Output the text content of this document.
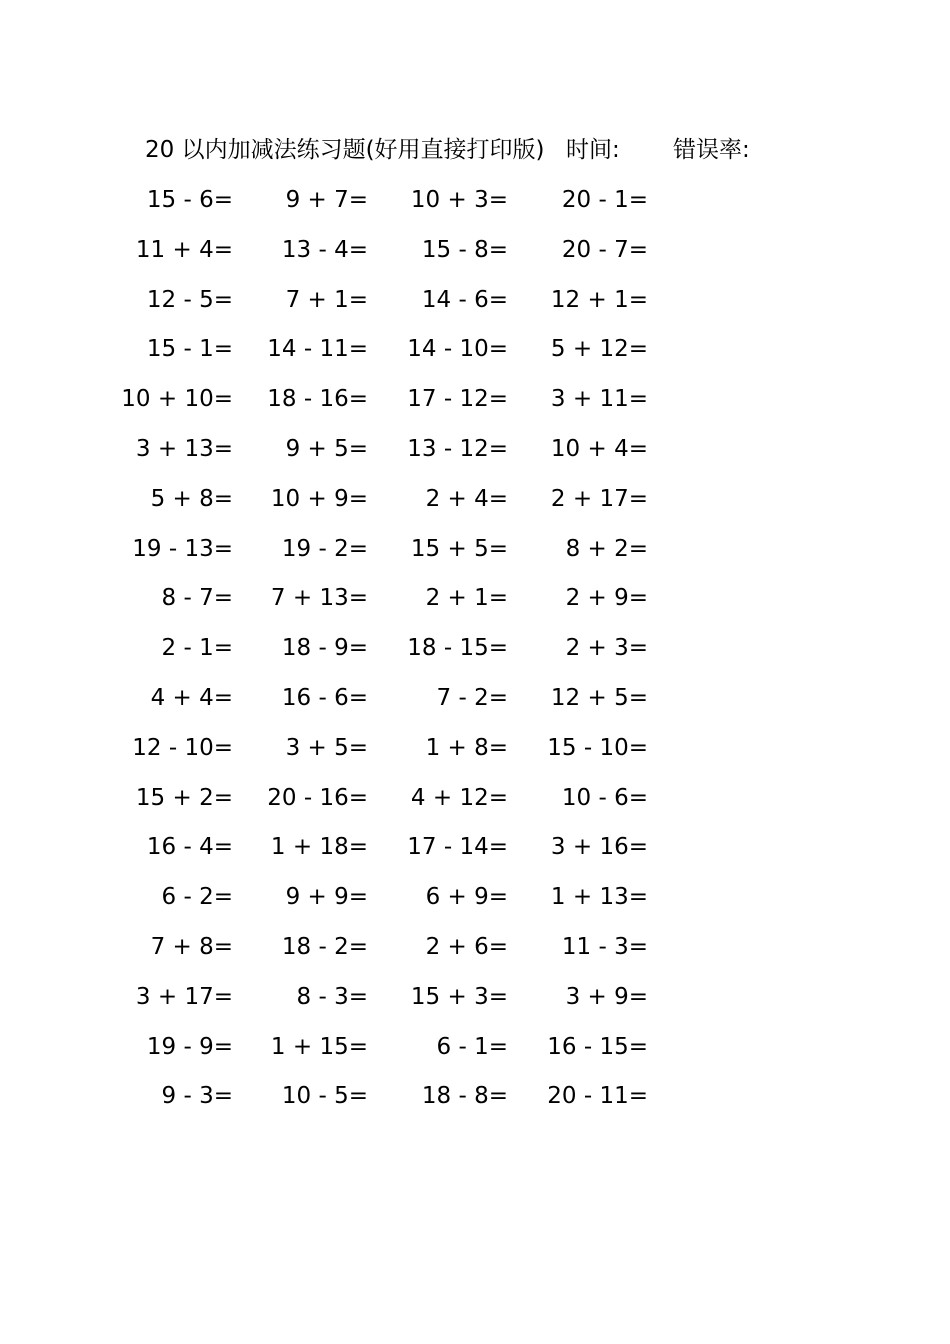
20 以内加减法练习题(好用直接打印版) 时间: 错误率:
15 - 6= 9 + 7= 10 + 3= 20 - 1=
11 + 4= 13 - 4= 15 - 8= 20 - 7=
12 - 5= 7 + 1= 14 - 6= 12 + 1=
15 - 1= 14 - 11= 14 - 10= 5 + 12=
10 + 10= 18 - 16= 17 - 12= 3 + 11=
3 + 13= 9 + 5= 13 - 12= 10 + 4=
5 + 8= 10 + 9=	2 + 4= 2 + 17=
19 - 13= 19 - 2= 15 + 5=	8 + 2=
8 - 7= 7 + 13=	2 + 1=	2 + 9=
2 - 1= 18 - 9= 18 - 15=	2 + 3=
4 + 4= 16 - 6=	7 - 2= 12 + 5=
12 - 10= 3 + 5=	1 + 8= 15 - 10=
15 + 2= 20 - 16= 4 + 12= 10 - 6=
16 - 4= 1 + 18= 17 - 14= 3 + 16=
6 - 2= 9 + 9=	6 + 9= 1 + 13=
7 + 8= 18 - 2=	2 + 6= 11 - 3=
3 + 17=	8 - 3= 15 + 3=	3 + 9=
19 - 9= 1 + 15=	6 - 1= 16 - 15=
9 - 3= 10 - 5= 18 - 8= 20 - 11=
